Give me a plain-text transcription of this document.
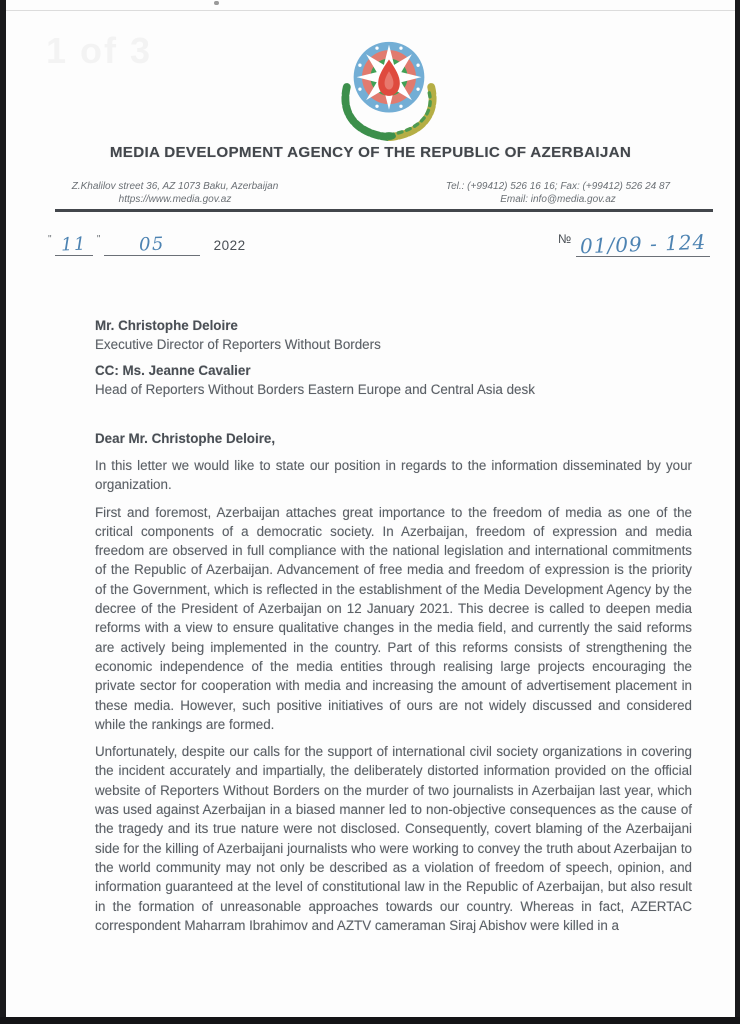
1 of 3
MEDIA DEVELOPMENT AGENCY OF THE REPUBLIC OF AZERBAIJAN
Z.Khalilov street 36, AZ 1073 Baku, Azerbaijan
https://www.media.gov.az
Tel.: (+99412) 526 16 16; Fax: (+99412) 526 24 87
Email: info@media.gov.az
" 11 " 05	2022	№ 01/09 - 124
Mr. Christophe Deloire
Executive Director of Reporters Without Borders
CC: Ms. Jeanne Cavalier
Head of Reporters Without Borders Eastern Europe and Central Asia desk
Dear Mr. Christophe Deloire,

In this letter we would like to state our position in regards to the information disseminated by your organization.

First and foremost, Azerbaijan attaches great importance to the freedom of media as one of the critical components of a democratic society. In Azerbaijan, freedom of expression and media freedom are observed in full compliance with the national legislation and international commitments of the Republic of Azerbaijan. Advancement of free media and freedom of expression is the priority of the Government, which is reflected in the establishment of the Media Development Agency by the decree of the President of Azerbaijan on 12 January 2021. This decree is called to deepen media reforms with a view to ensure qualitative changes in the media field, and currently the said reforms are actively being implemented in the country. Part of this reforms consists of strengthening the economic independence of the media entities through realising large projects encouraging the private sector for cooperation with media and increasing the amount of advertisement placement in these media. However, such positive initiatives of ours are not widely discussed and considered while the rankings are formed.

Unfortunately, despite our calls for the support of international civil society organizations in covering the incident accurately and impartially, the deliberately distorted information provided on the official website of Reporters Without Borders on the murder of two journalists in Azerbaijan last year, which was used against Azerbaijan in a biased manner led to non-objective consequences as the cause of the tragedy and its true nature were not disclosed. Consequently, covert blaming of the Azerbaijani side for the killing of Azerbaijani journalists who were working to convey the truth about Azerbaijan to the world community may not only be described as a violation of freedom of speech, opinion, and information guaranteed at the level of constitutional law in the Republic of Azerbaijan, but also result in the formation of unreasonable approaches towards our country. Whereas in fact, AZERTAC correspondent Maharram Ibrahimov and AZTV cameraman Siraj Abishov were killed in a
